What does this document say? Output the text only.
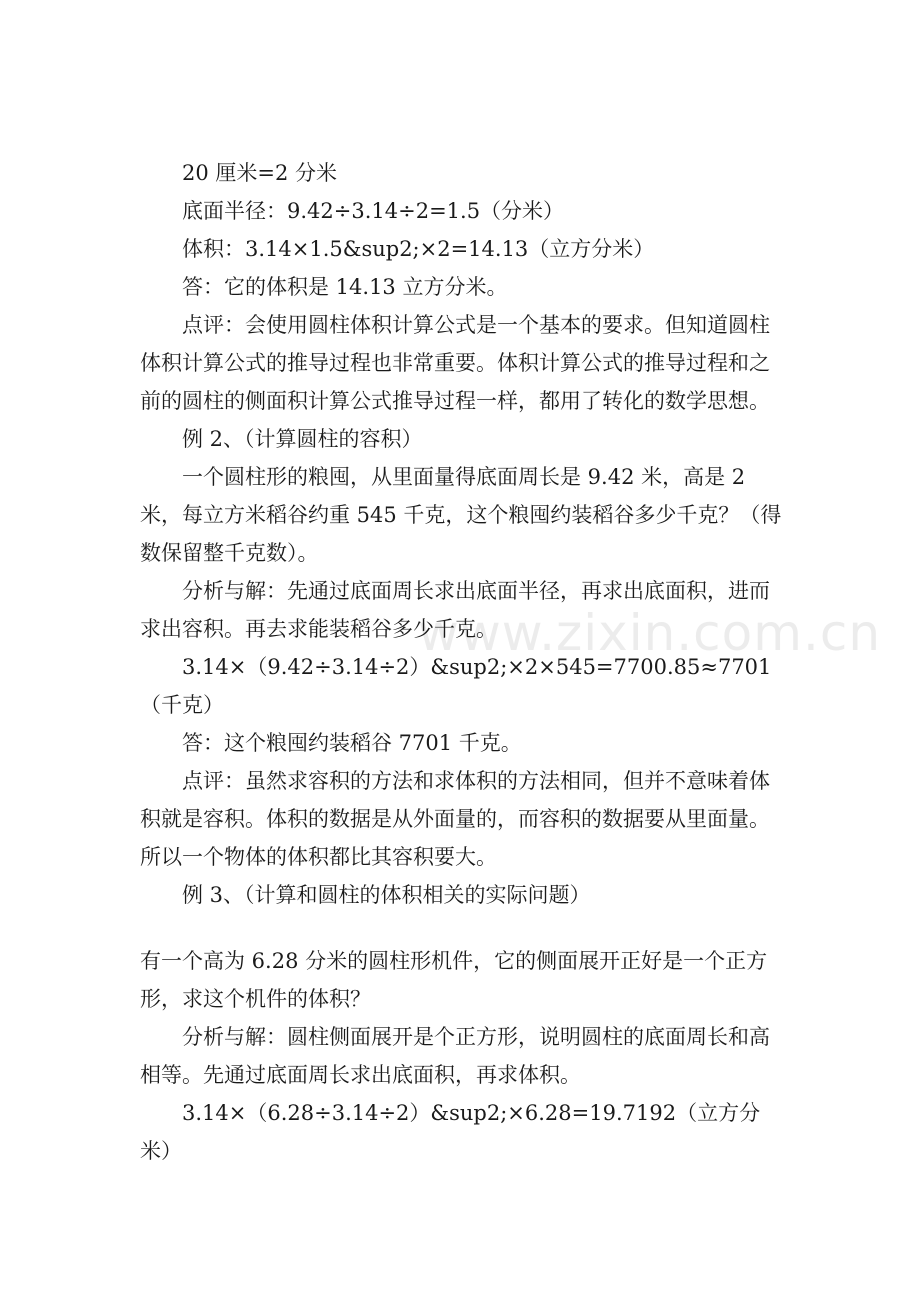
www.zixin.com.cn

20 厘米=2 分米

底面半径：9.42÷3.14÷2=1.5（分米）

体积：3.14×1.5&sup2;×2=14.13（立方分米）

答：它的体积是 14.13 立方分米。

点评：会使用圆柱体积计算公式是一个基本的要求。但知道圆柱体积计算公式的推导过程也非常重要。体积计算公式的推导过程和之前的圆柱的侧面积计算公式推导过程一样，都用了转化的数学思想。

例 2、（计算圆柱的容积）

一个圆柱形的粮囤，从里面量得底面周长是 9.42 米，高是 2 米，每立方米稻谷约重 545 千克，这个粮囤约装稻谷多少千克？（得数保留整千克数）。

分析与解：先通过底面周长求出底面半径，再求出底面积，进而求出容积。再去求能装稻谷多少千克。

3.14×（9.42÷3.14÷2）&sup2;×2×545=7700.85≈7701（千克）

答：这个粮囤约装稻谷 7701 千克。

点评：虽然求容积的方法和求体积的方法相同，但并不意味着体积就是容积。体积的数据是从外面量的，而容积的数据要从里面量。所以一个物体的体积都比其容积要大。

例 3、（计算和圆柱的体积相关的实际问题）

有一个高为 6.28 分米的圆柱形机件，它的侧面展开正好是一个正方形，求这个机件的体积？

分析与解：圆柱侧面展开是个正方形，说明圆柱的底面周长和高相等。先通过底面周长求出底面积，再求体积。

3.14×（6.28÷3.14÷2）&sup2;×6.28=19.7192（立方分米）
